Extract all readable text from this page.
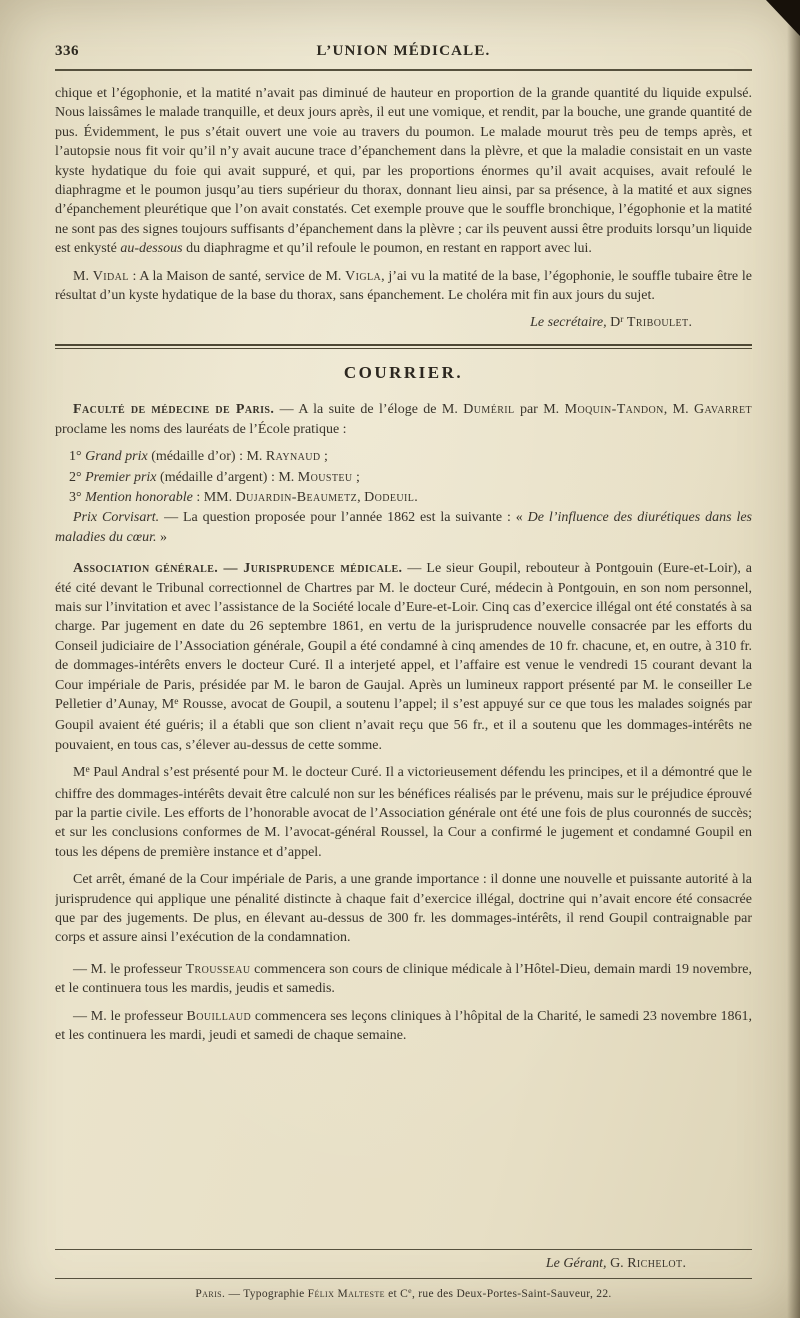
336	L’UNION MÉDICALE.

chique et l’égophonie, et la matité n’avait pas diminué de hauteur en proportion de la grande quantité du liquide expulsé. Nous laissâmes le malade tranquille, et deux jours après, il eut une vomique, et rendit, par la bouche, une grande quantité de pus. Évidemment, le pus s’était ouvert une voie au travers du poumon. Le malade mourut très peu de temps après, et l’autopsie nous fit voir qu’il n’y avait aucune trace d’épanchement dans la plèvre, et que la maladie consistait en un vaste kyste hydatique du foie qui avait suppuré, et qui, par les proportions énormes qu’il avait acquises, avait refoulé le diaphragme et le poumon jusqu’au tiers supérieur du thorax, donnant lieu ainsi, par sa présence, à la matité et aux signes d’épanchement pleurétique que l’on avait constatés. Cet exemple prouve que le souffle bronchique, l’égophonie et la matité ne sont pas des signes toujours suffisants d’épanchement dans la plèvre ; car ils peuvent aussi être produits lorsqu’un liquide est enkysté au-dessous du diaphragme et qu’il refoule le poumon, en restant en rapport avec lui.

M. Vidal : A la Maison de santé, service de M. Vigla, j’ai vu la matité de la base, l’égophonie, le souffle tubaire être le résultat d’un kyste hydatique de la base du thorax, sans épanchement. Le choléra mit fin aux jours du sujet.

Le secrétaire, $D^r$ Triboulet.

COURRIER.

Faculté de médecine de Paris. — A la suite de l’éloge de M. Duméril par M. Moquin-Tandon, M. Gavarret proclame les noms des lauréats de l’École pratique :

1° Grand prix (médaille d’or) : M. Raynaud ;

2° Premier prix (médaille d’argent) : M. Mousteu ;

3° Mention honorable : MM. Dujardin-Beaumetz, Dodeuil.

Prix Corvisart. — La question proposée pour l’année 1862 est la suivante : « De l’influence des diurétiques dans les maladies du cœur. »

Association générale. — Jurisprudence médicale. — Le sieur Goupil, rebouteur à Pontgouin (Eure-et-Loir), a été cité devant le Tribunal correctionnel de Chartres par M. le docteur Curé, médecin à Pontgouin, en son nom personnel, mais sur l’invitation et avec l’assistance de la Société locale d’Eure-et-Loir. Cinq cas d’exercice illégal ont été constatés à sa charge. Par jugement en date du 26 septembre 1861, en vertu de la jurisprudence nouvelle consacrée par les efforts du Conseil judiciaire de l’Association générale, Goupil a été condamné à cinq amendes de 10 fr. chacune, et, en outre, à 310 fr. de dommages-intérêts envers le docteur Curé. Il a interjeté appel, et l’affaire est venue le vendredi 15 courant devant la Cour impériale de Paris, présidée par M. le baron de Gaujal. Après un lumineux rapport présenté par M. le conseiller Le Pelletier d’Aunay, Me Rousse, avocat de Goupil, a soutenu l’appel; il s’est appuyé sur ce que tous les malades soignés par Goupil avaient été guéris; il a établi que son client n’avait reçu que 56 fr., et il a soutenu que les dommages-intérêts ne pouvaient, en tous cas, s’élever au-dessus de cette somme.

Me Paul Andral s’est présenté pour M. le docteur Curé. Il a victorieusement défendu les principes, et il a démontré que le chiffre des dommages-intérêts devait être calculé non sur les bénéfices réalisés par le prévenu, mais sur le préjudice éprouvé par la partie civile. Les efforts de l’honorable avocat de l’Association générale ont été une fois de plus couronnés de succès; et sur les conclusions conformes de M. l’avocat-général Roussel, la Cour a confirmé le jugement et condamné Goupil en tous les dépens de première instance et d’appel.

Cet arrêt, émané de la Cour impériale de Paris, a une grande importance : il donne une nouvelle et puissante autorité à la jurisprudence qui applique une pénalité distincte à chaque fait d’exercice illégal, doctrine qui n’avait encore été consacrée que par des jugements. De plus, en élevant au-dessus de 300 fr. les dommages-intérêts, il rend Goupil contraignable par corps et assure ainsi l’exécution de la condamnation.

— M. le professeur Trousseau commencera son cours de clinique médicale à l’Hôtel-Dieu, demain mardi 19 novembre, et le continuera tous les mardis, jeudis et samedis.

— M. le professeur Bouillaud commencera ses leçons cliniques à l’hôpital de la Charité, le samedi 23 novembre 1861, et les continuera les mardi, jeudi et samedi de chaque semaine.

Le Gérant, G. Richelot.

Paris. — Typographie Félix Malteste et Ce, rue des Deux-Portes-Saint-Sauveur, 22.
